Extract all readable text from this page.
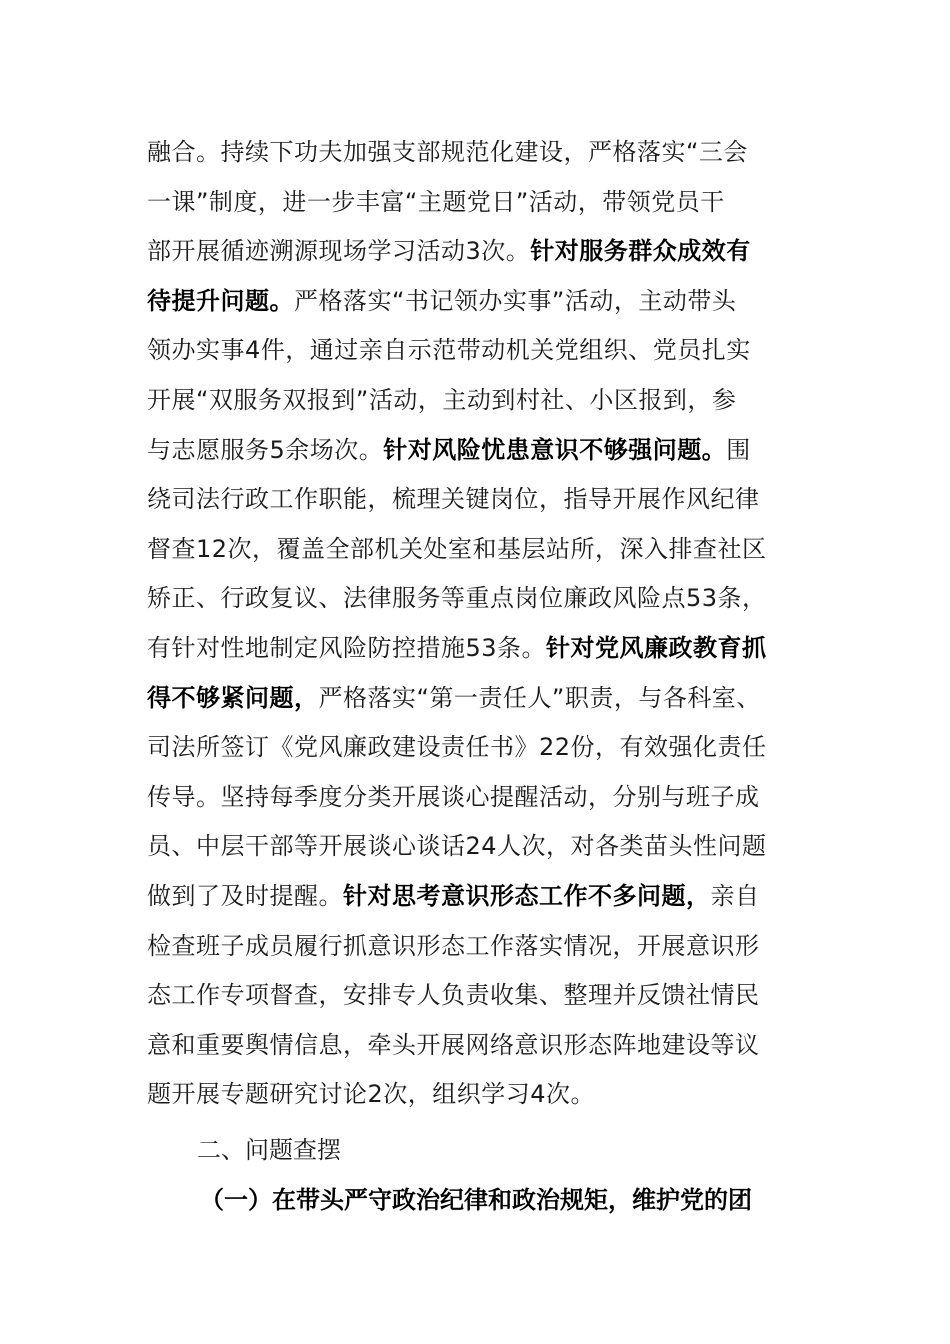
融合。持续下功夫加强支部规范化建设，严格落实“三会
一课”制度，进一步丰富“主题党日”活动，带领党员干
部开展循迹溯源现场学习活动3次。针对服务群众成效有
待提升问题。严格落实“书记领办实事”活动，主动带头
领办实事4件，通过亲自示范带动机关党组织、党员扎实
开展“双服务双报到”活动，主动到村社、小区报到，参
与志愿服务5余场次。针对风险忧患意识不够强问题。围
绕司法行政工作职能，梳理关键岗位，指导开展作风纪律
督查12次，覆盖全部机关处室和基层站所，深入排查社区
矫正、行政复议、法律服务等重点岗位廉政风险点53条，
有针对性地制定风险防控措施53条。针对党风廉政教育抓
得不够紧问题，严格落实“第一责任人”职责，与各科室、
司法所签订《党风廉政建设责任书》22份，有效强化责任
传导。坚持每季度分类开展谈心提醒活动，分别与班子成
员、中层干部等开展谈心谈话24人次，对各类苗头性问题
做到了及时提醒。针对思考意识形态工作不多问题，亲自
检查班子成员履行抓意识形态工作落实情况，开展意识形
态工作专项督查，安排专人负责收集、整理并反馈社情民
意和重要舆情信息，牵头开展网络意识形态阵地建设等议
题开展专题研究讨论2次，组织学习4次。
二、问题查摆
（一）在带头严守政治纪律和政治规矩，维护党的团
